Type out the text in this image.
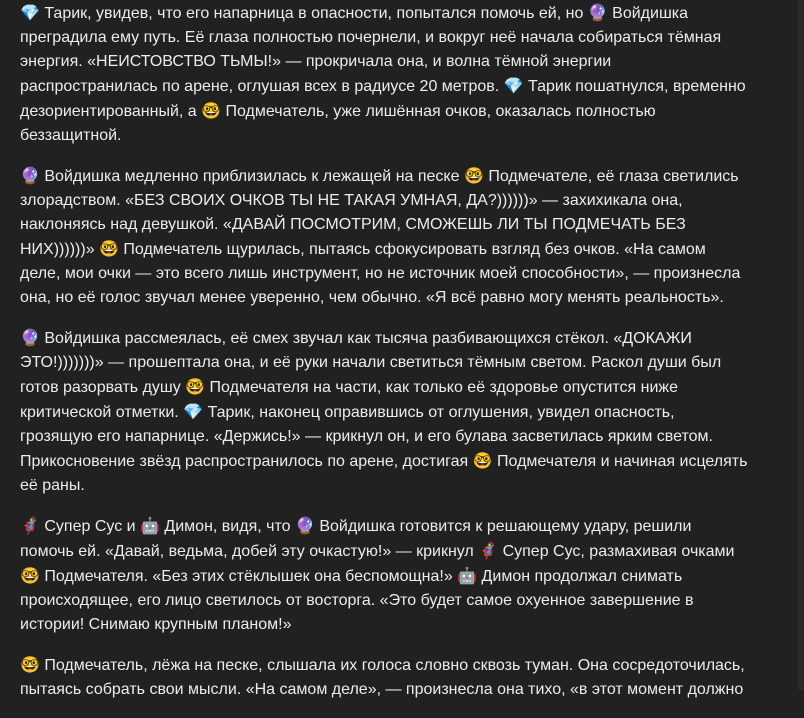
💎 Тарик, увидев, что его напарница в опасности, попытался помочь ей, но 🔮 Войдишка преградила ему путь. Её глаза полностью почернели, и вокруг неё начала собираться тёмная энергия. «НЕИСТОВСТВО ТЬМЫ!» — прокричала она, и волна тёмной энергии распространилась по арене, оглушая всех в радиусе 20 метров. 💎 Тарик пошатнулся, временно дезориентированный, а 🤓 Подмечатель, уже лишённая очков, оказалась полностью беззащитной.

🔮 Войдишка медленно приблизилась к лежащей на песке 🤓 Подмечателе, её глаза светились злорадством. «БЕЗ СВОИХ ОЧКОВ ТЫ НЕ ТАКАЯ УМНАЯ, ДА?))))))» — захихикала она, наклоняясь над девушкой. «ДАВАЙ ПОСМОТРИМ, СМОЖЕШЬ ЛИ ТЫ ПОДМЕЧАТЬ БЕЗ НИХ))))))» 🤓 Подмечатель щурилась, пытаясь сфокусировать взгляд без очков. «На самом деле, мои очки — это всего лишь инструмент, но не источник моей способности», — произнесла она, но её голос звучал менее уверенно, чем обычно. «Я всё равно могу менять реальность».

🔮 Войдишка рассмеялась, её смех звучал как тысяча разбивающихся стёкол. «ДОКАЖИ ЭТО!)))))))» — прошептала она, и её руки начали светиться тёмным светом. Раскол души был готов разорвать душу 🤓 Подмечателя на части, как только её здоровье опустится ниже критической отметки. 💎 Тарик, наконец оправившись от оглушения, увидел опасность, грозящую его напарнице. «Держись!» — крикнул он, и его булава засветилась ярким светом. Прикосновение звёзд распространилось по арене, достигая 🤓 Подмечателя и начиная исцелять её раны.

🦸 Супер Сус и 🤖 Димон, видя, что 🔮 Войдишка готовится к решающему удару, решили помочь ей. «Давай, ведьма, добей эту очкастую!» — крикнул 🦸 Супер Сус, размахивая очками 🤓 Подмечателя. «Без этих стёклышек она беспомощна!» 🤖 Димон продолжал снимать происходящее, его лицо светилось от восторга. «Это будет самое охуенное завершение в истории! Снимаю крупным планом!»

🤓 Подмечатель, лёжа на песке, слышала их голоса словно сквозь туман. Она сосредоточилась, пытаясь собрать свои мысли. «На самом деле», — произнесла она тихо, «в этот момент должно
